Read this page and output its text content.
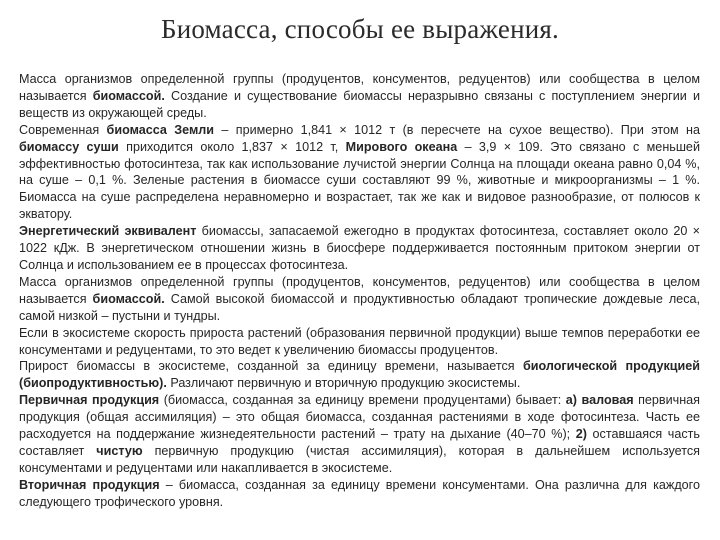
Биомасса, способы ее выражения.

Масса организмов определенной группы (продуцентов, консументов, редуцентов) или сообщества в целом называется биомассой. Создание и существование биомассы неразрывно связаны с поступлением энергии и веществ из окружающей среды.

Современная биомасса Земли – примерно 1,841 × 1012 т (в пересчете на сухое вещество). При этом на биомассу суши приходится около 1,837 × 1012 т, Мирового океана – 3,9 × 109. Это связано с меньшей эффективностью фотосинтеза, так как использование лучистой энергии Солнца на площади океана равно 0,04 %, на суше – 0,1 %. Зеленые растения в биомассе суши составляют 99 %, животные и микроорганизмы – 1 %. Биомасса на суше распределена неравномерно и возрастает, так же как и видовое разнообразие, от полюсов к экватору.

Энергетический эквивалент биомассы, запасаемой ежегодно в продуктах фотосинтеза, составляет около 20 × 1022 кДж. В энергетическом отношении жизнь в биосфере поддерживается постоянным притоком энергии от Солнца и использованием ее в процессах фотосинтеза.

Масса организмов определенной группы (продуцентов, консументов, редуцентов) или сообщества в целом называется биомассой. Самой высокой биомассой и продуктивностью обладают тропические дождевые леса, самой низкой – пустыни и тундры.

Если в экосистеме скорость прироста растений (образования первичной продукции) выше темпов переработки ее консументами и редуцентами, то это ведет к увеличению биомассы продуцентов.

Прирост биомассы в экосистеме, созданной за единицу времени, называется биологической продукцией (биопродуктивностью). Различают первичную и вторичную продукцию экосистемы.

Первичная продукция (биомасса, созданная за единицу времени продуцентами) бывает: а) валовая первичная продукция (общая ассимиляция) – это общая биомасса, созданная растениями в ходе фотосинтеза. Часть ее расходуется на поддержание жизнедеятельности растений – трату на дыхание (40–70 %); 2) оставшаяся часть составляет чистую первичную продукцию (чистая ассимиляция), которая в дальнейшем используется консументами и редуцентами или накапливается в экосистеме.

Вторичная продукция – биомасса, созданная за единицу времени консументами. Она различна для каждого следующего трофического уровня.
